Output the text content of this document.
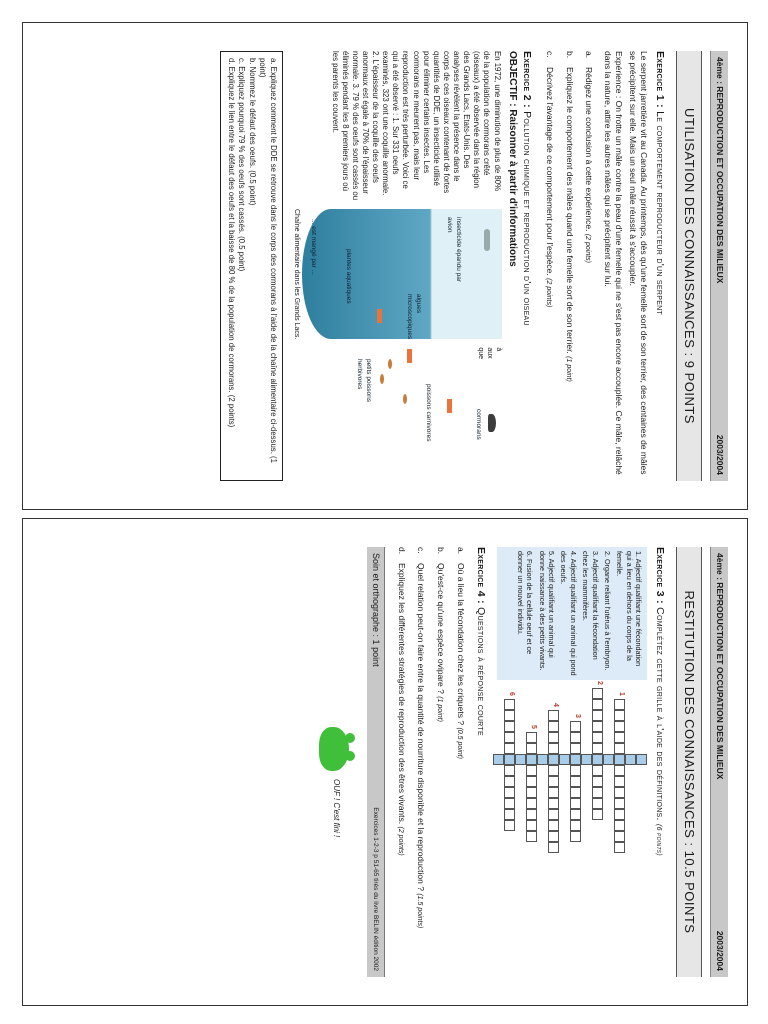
4ème : REPRODUCTION ET OCCUPATION DES MILIEUX
2003/2004
UTILISATION DES CONNAISSANCES : 9 POINTS
Exercice 1 : Le comportement reproducteur d'un serpent

Le serpent jarretière vit au Canada. Au printemps, dès qu'une femelle sort de son terrier, des centaines de mâles se précipitent sur elle. Mais un seul mâle réussit à s'accoupler.

Expérience : On frotte un mâle contre la peau d'une femelle qui ne s'est pas encore accouplée. Ce mâle, relâché dans la nature, attire les autres mâles qui se précipitent sur lui.

a.
Rédigez une conclusion à cette expérience. (2 points)
b.
Expliquez le comportement des mâles quand une femelle sort de son terrier. (1 point)
c.
Décrivez l'avantage de ce comportement pour l'espèce. (2 points)
Exercice 2 : Pollution chimique et reproduction d'un oiseau
OBJECTIF : Raisonner à partir d'informations
En 1972, une diminution de plus de 80% de la population de cormorans crêté (oiseaux) a été observée dans la région des Grands Lacs, Etats-Unis. Des analyses révèlent la présence dans le corps de ces oiseaux contenant de fortes quantités de DDE, un insecticide utilisé pour éliminer certains insectes. Les cormorans ne meurent pas, mais leur reproduction est très perturbée. Voici ce qui a été observé : 1. Sur 331 oeufs examinés, 323 ont une coquille anormale. 2. L'épaisseur de la coquille des oeufs anormaux est égale à 70% de l'épaisseur normale. 3. 79 % des oeufs sont cassés ou éliminés pendant les 8 premiers jours où les parents les couvent.
insecticide épandu par avion
algues microscopiques
plantes aquatiques
petits poissons herbivores
poissons carnivores	cormorans
... est mangé par ...
Chaîne alimentaire dans les Grands Lacs.
à aux que
a. Expliquez comment le DDE se retrouve dans le corps des cormorans à l'aide de la chaîne alimentaire ci-dessus. (1 point)
b. Nommez le défaut des oeufs. (0.5 point)
c. Expliquez pourquoi 79 % des oeufs sont cassés. (0.5 point)
d. Expliquez le lien entre le défaut des oeufs et la baisse de 80 % de la population de cormorans. (2 points)
4ème : REPRODUCTION ET OCCUPATION DES MILIEUX
2003/2004
RESTITUTION DES CONNAISSANCES : 10.5 POINTS
Exercice 3 : Complétez cette grille à l'aide des définitions. (6 points)
1. Adjectif qualifiant une fécondation qui a lieu en dehors du corps de la femelle.
2. Organe reliant l'utérus à l'embryon.
3. Adjectif qualifiant la fécondation chez les mammifères.
4. Adjectif qualifiant un animal qui pond des oeufs.
5. Adjectif qualifiant un animal qui donne naissance à des petits vivants.
6. Fusion de la cellule oeuf et ce donner un nouvel individu.
1
2
3
4
5
6
Exercice 4 : Questions à réponse courte
a.
Où a lieu la fécondation chez les criquets ? (0.5 point)
b.
Qu'est-ce qu'une espèce ovipare ? (1 point)
c.
Quel relation peut-on faire entre la quantité de nourriture disponible et la reproduction ? (1.5 points)
d.
Expliquez les différentes stratégies de reproduction des êtres vivants. (2 points)
Soin et orthographe : 1 point
Exercices 1-2-3 p 51-65 tirés du livre BELIN édition 2002
OUF ! C'est fini !
